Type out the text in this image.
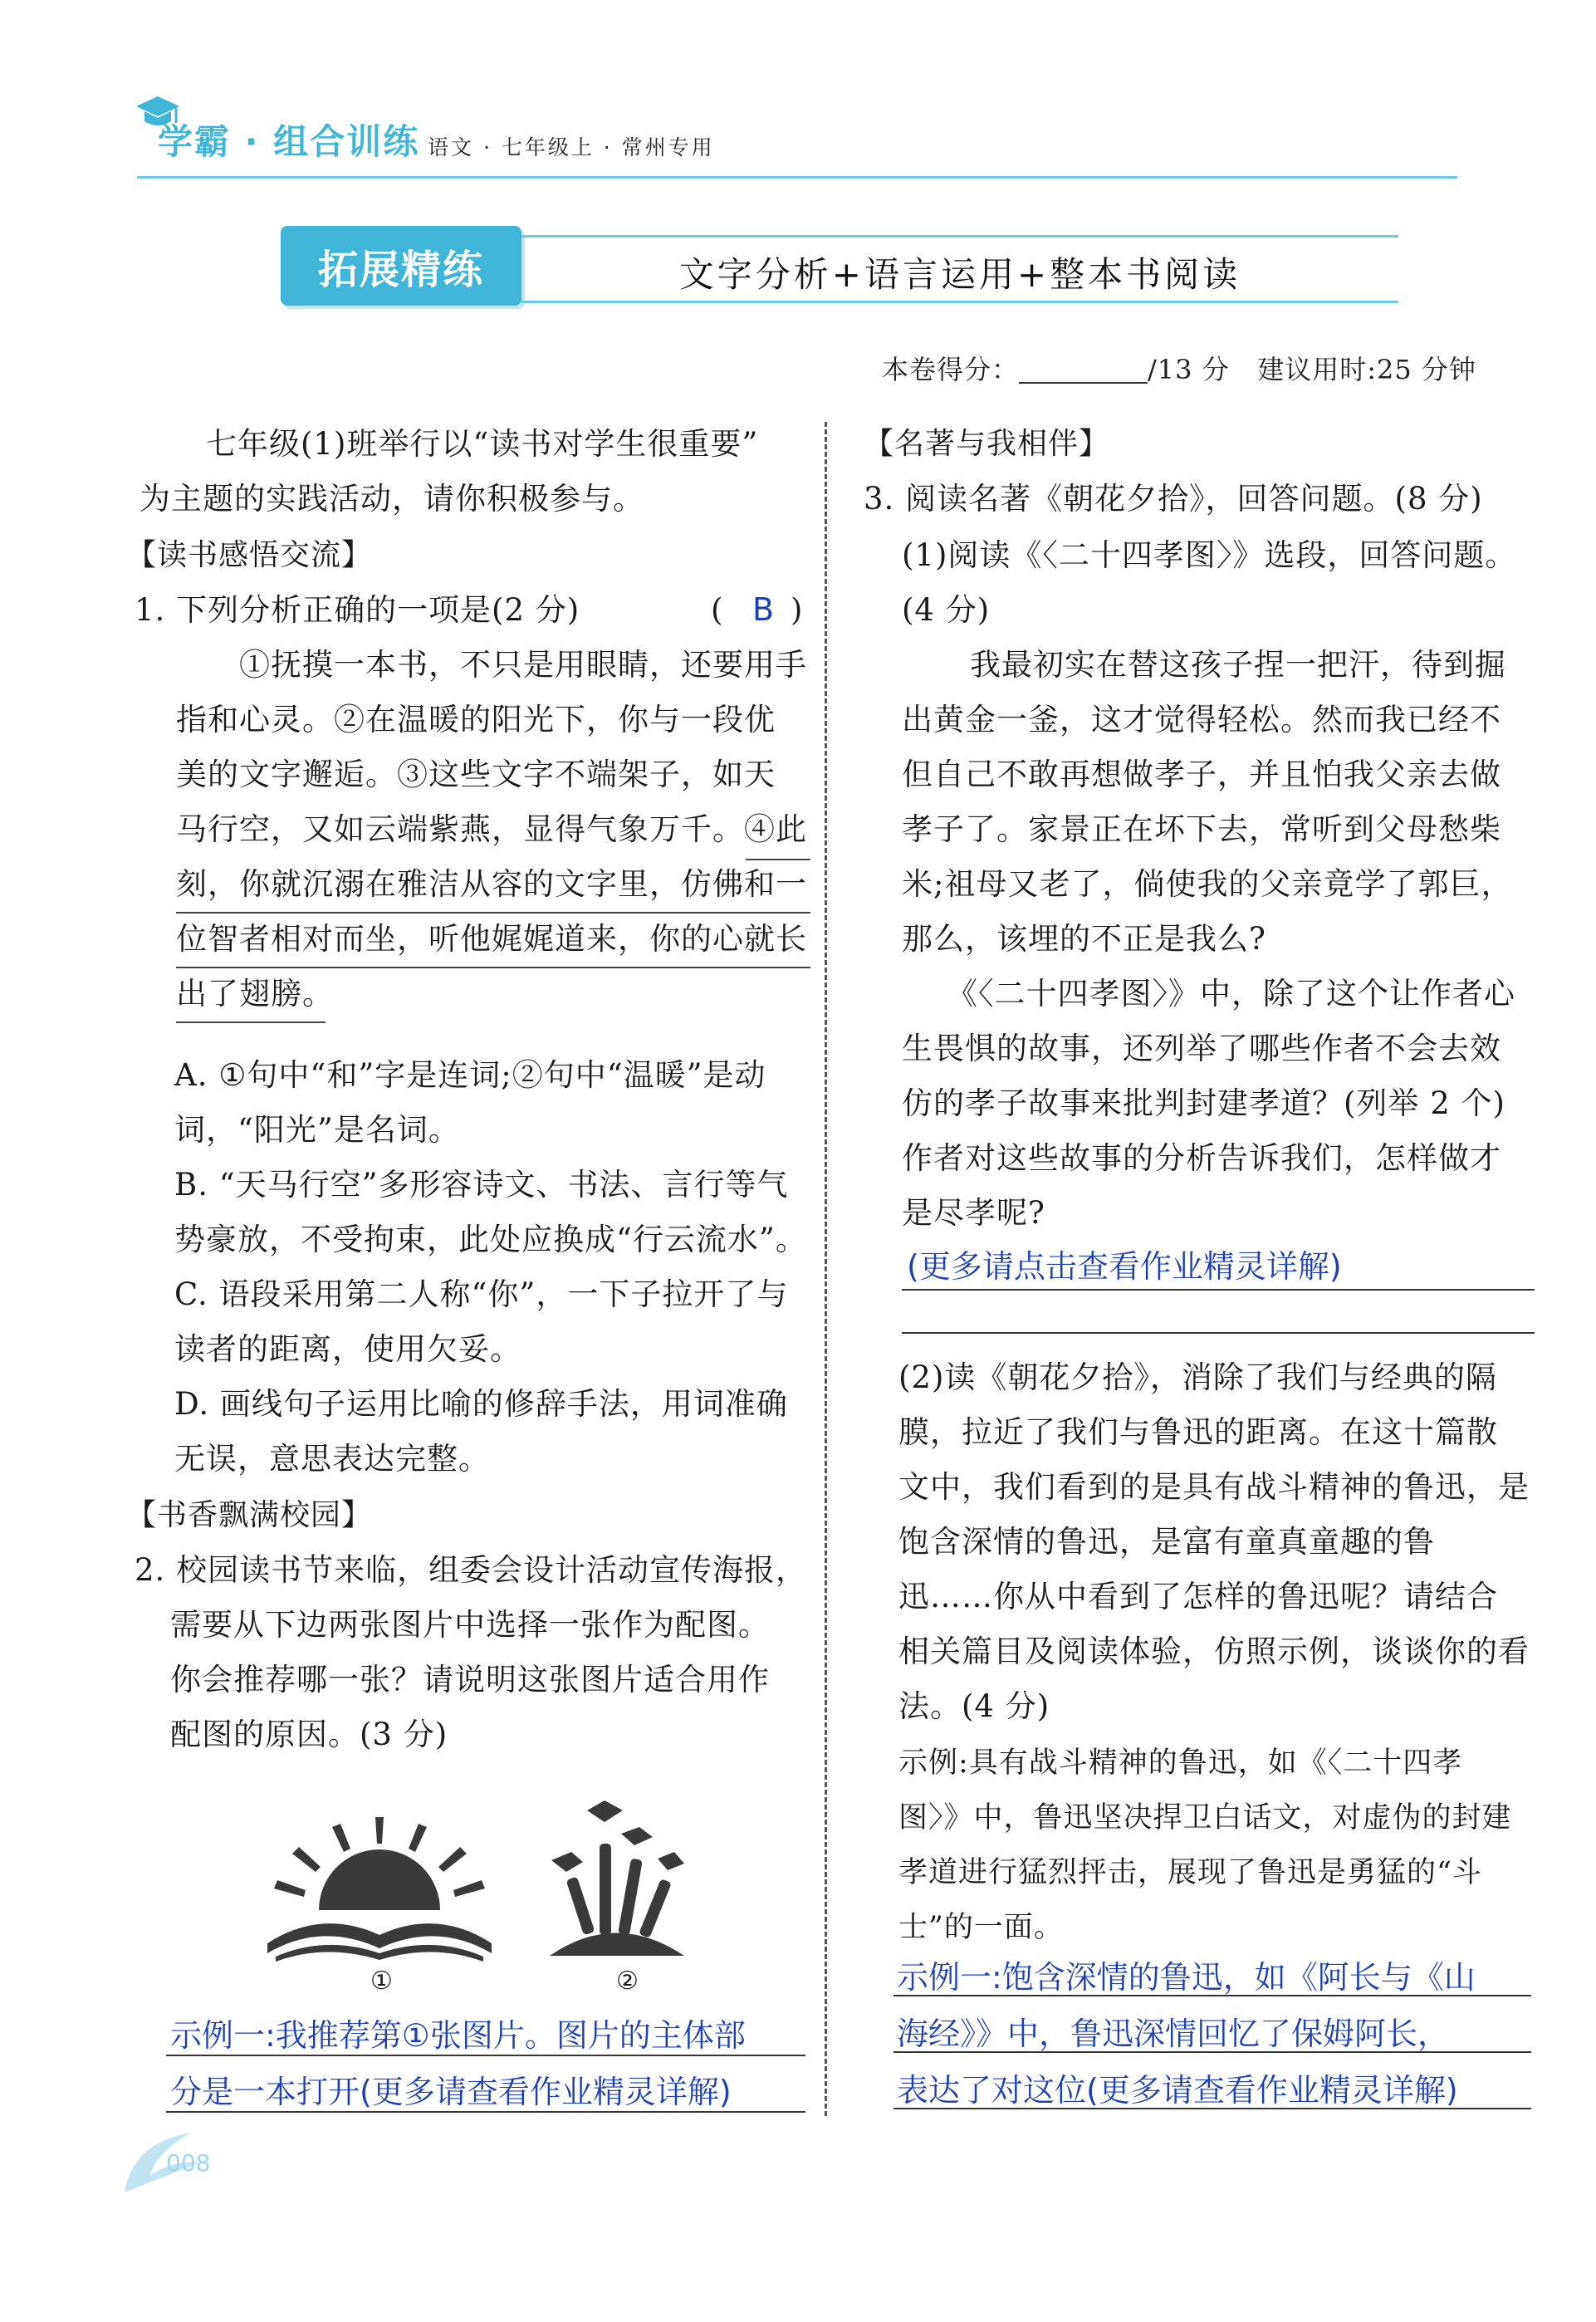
学霸 · 组合训练 语文 · 七年级上 · 常州专用
拓展精练	文字分析+语言运用+整本书阅读
本卷得分：	/13 分 建议用时:25 分钟
七年级(1)班举行以“读书对学生很重要”
为主题的实践活动，请你积极参与。
【读书感悟交流】
1. 下列分析正确的一项是(2 分)	( B )
①抚摸一本书，不只是用眼睛，还要用手
指和心灵。②在温暖的阳光下，你与一段优
美的文字邂逅。③这些文字不端架子，如天
马行空，又如云端紫燕，显得气象万千。④此
刻，你就沉溺在雅洁从容的文字里，仿佛和一
位智者相对而坐，听他娓娓道来，你的心就长
出了翅膀。
A. ①句中“和”字是连词;②句中“温暖”是动
词，“阳光”是名词。
B. “天马行空”多形容诗文、书法、言行等气
势豪放，不受拘束，此处应换成“行云流水”。
C. 语段采用第二人称“你”，一下子拉开了与
读者的距离，使用欠妥。
D. 画线句子运用比喻的修辞手法，用词准确
无误，意思表达完整。
【书香飘满校园】
2. 校园读书节来临，组委会设计活动宣传海报，
需要从下边两张图片中选择一张作为配图。
你会推荐哪一张？请说明这张图片适合用作
配图的原因。(3 分)
①	②
示例一:我推荐第①张图片。图片的主体部
分是一本打开(更多请查看作业精灵详解)
【名著与我相伴】
3. 阅读名著《朝花夕拾》，回答问题。(8 分)
(1)阅读《〈二十四孝图〉》选段，回答问题。
(4 分)
我最初实在替这孩子捏一把汗，待到掘
出黄金一釜，这才觉得轻松。然而我已经不
但自己不敢再想做孝子，并且怕我父亲去做
孝子了。家景正在坏下去，常听到父母愁柴
米;祖母又老了，倘使我的父亲竟学了郭巨，
那么，该埋的不正是我么?
《〈二十四孝图〉》中，除了这个让作者心
生畏惧的故事，还列举了哪些作者不会去效
仿的孝子故事来批判封建孝道？(列举 2 个)
作者对这些故事的分析告诉我们，怎样做才
是尽孝呢?
(更多请点击查看作业精灵详解)
(2)读《朝花夕拾》，消除了我们与经典的隔
膜，拉近了我们与鲁迅的距离。在这十篇散
文中，我们看到的是具有战斗精神的鲁迅，是
饱含深情的鲁迅，是富有童真童趣的鲁
迅……你从中看到了怎样的鲁迅呢？请结合
相关篇目及阅读体验，仿照示例，谈谈你的看
法。(4 分)
示例:具有战斗精神的鲁迅，如《〈二十四孝
图〉》中，鲁迅坚决捍卫白话文，对虚伪的封建
孝道进行猛烈抨击，展现了鲁迅是勇猛的“斗
士”的一面。
示例一:饱含深情的鲁迅，如《阿长与《山
海经》》中，鲁迅深情回忆了保姆阿长，
表达了对这位(更多请查看作业精灵详解)
008
